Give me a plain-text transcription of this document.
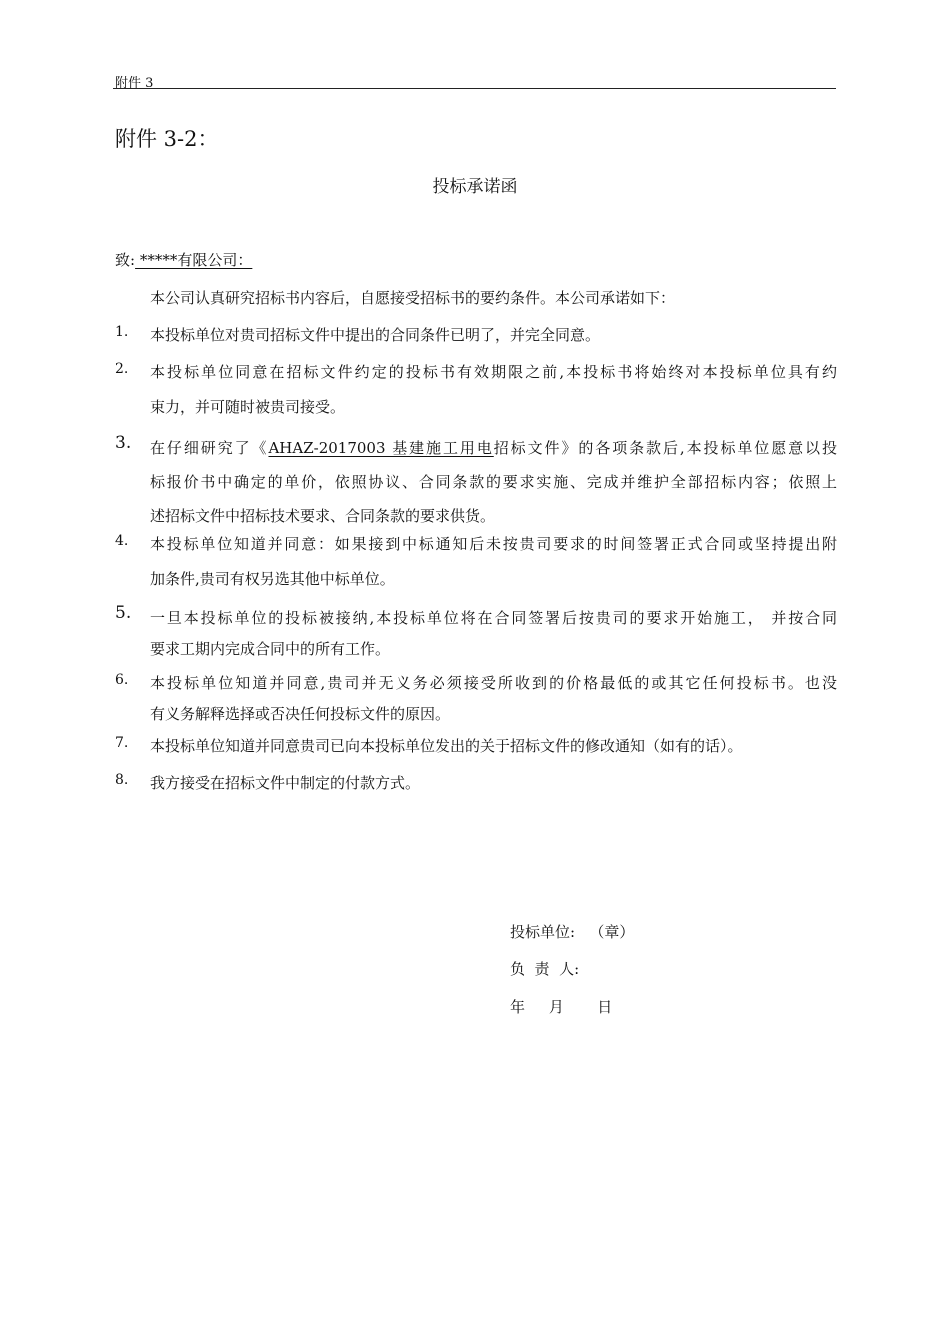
附件 3
附件 3-2：
投标承诺函
致: *****有限公司：
本公司认真研究招标书内容后，自愿接受招标书的要约条件。本公司承诺如下：
1. 本投标单位对贵司招标文件中提出的合同条件已明了，并完全同意。
2. 本投标单位同意在招标文件约定的投标书有效期限之前,本投标书将始终对本投标单位具有约
束力，并可随时被贵司接受。
3. 在仔细研究了《AHAZ-2017003 基建施工用电招标文件》的各项条款后,本投标单位愿意以投
标报价书中确定的单价，依照协议、合同条款的要求实施、完成并维护全部招标内容；依照上
述招标文件中招标技术要求、合同条款的要求供货。
4. 本投标单位知道并同意：如果接到中标通知后未按贵司要求的时间签署正式合同或坚持提出附
加条件,贵司有权另选其他中标单位。
5. 一旦本投标单位的投标被接纳,本投标单位将在合同签署后按贵司的要求开始施工， 并按合同
要求工期内完成合同中的所有工作。
6. 本投标单位知道并同意,贵司并无义务必须接受所收到的价格最低的或其它任何投标书。也没
有义务解释选择或否决任何投标文件的原因。
7. 本投标单位知道并同意贵司已向本投标单位发出的关于招标文件的修改通知（如有的话）。
8. 我方接受在招标文件中制定的付款方式。
投标单位:   （章）
负  责  人:
年     月       日
